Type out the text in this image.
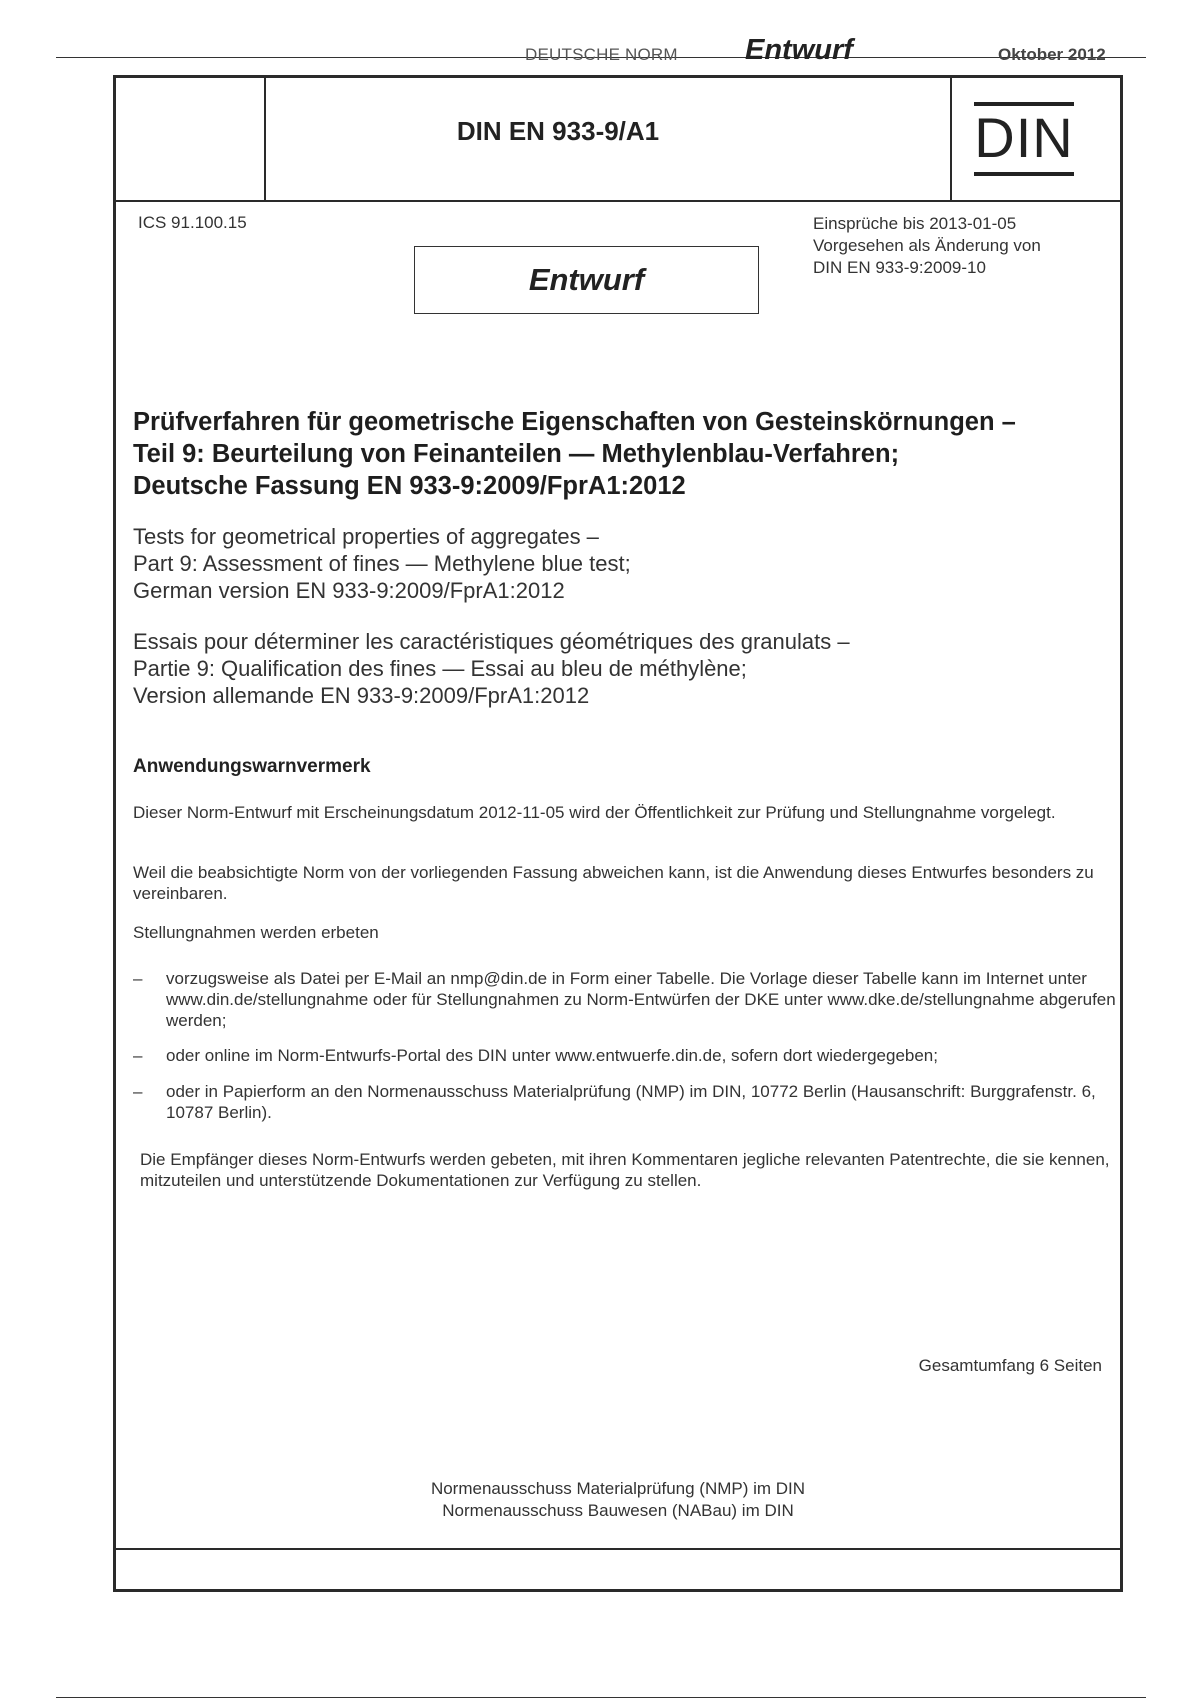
DEUTSCHE NORM Entwurf	Oktober 2012
DIN EN 933-9/A1	DIN
ICS 91.100.15	Einsprüche bis 2013-01-05
Vorgesehen als Änderung von
DIN EN 933-9:2009-10
Entwurf
Prüfverfahren für geometrische Eigenschaften von Gesteinskörnungen –
Teil 9: Beurteilung von Feinanteilen — Methylenblau-Verfahren;
Deutsche Fassung EN 933-9:2009/FprA1:2012
Tests for geometrical properties of aggregates –
Part 9: Assessment of fines — Methylene blue test;
German version EN 933-9:2009/FprA1:2012
Essais pour déterminer les caractéristiques géométriques des granulats –
Partie 9: Qualification des fines — Essai au bleu de méthylène;
Version allemande EN 933-9:2009/FprA1:2012
Anwendungswarnvermerk
Dieser Norm-Entwurf mit Erscheinungsdatum 2012-11-05 wird der Öffentlichkeit zur Prüfung und Stellungnahme vorgelegt.
Weil die beabsichtigte Norm von der vorliegenden Fassung abweichen kann, ist die Anwendung dieses Entwurfes besonders zu vereinbaren.
Stellungnahmen werden erbeten
– vorzugsweise als Datei per E-Mail an nmp@din.de in Form einer Tabelle. Die Vorlage dieser Tabelle kann im Internet unter www.din.de/stellungnahme oder für Stellungnahmen zu Norm-Entwürfen der DKE unter www.dke.de/stellungnahme abgerufen werden;
– oder online im Norm-Entwurfs-Portal des DIN unter www.entwuerfe.din.de, sofern dort wiedergegeben;
– oder in Papierform an den Normenausschuss Materialprüfung (NMP) im DIN, 10772 Berlin (Hausanschrift: Burggrafenstr. 6, 10787 Berlin).
Die Empfänger dieses Norm-Entwurfs werden gebeten, mit ihren Kommentaren jegliche relevanten Patentrechte, die sie kennen, mitzuteilen und unterstützende Dokumentationen zur Verfügung zu stellen.
Gesamtumfang 6 Seiten
Normenausschuss Materialprüfung (NMP) im DIN
Normenausschuss Bauwesen (NABau) im DIN
